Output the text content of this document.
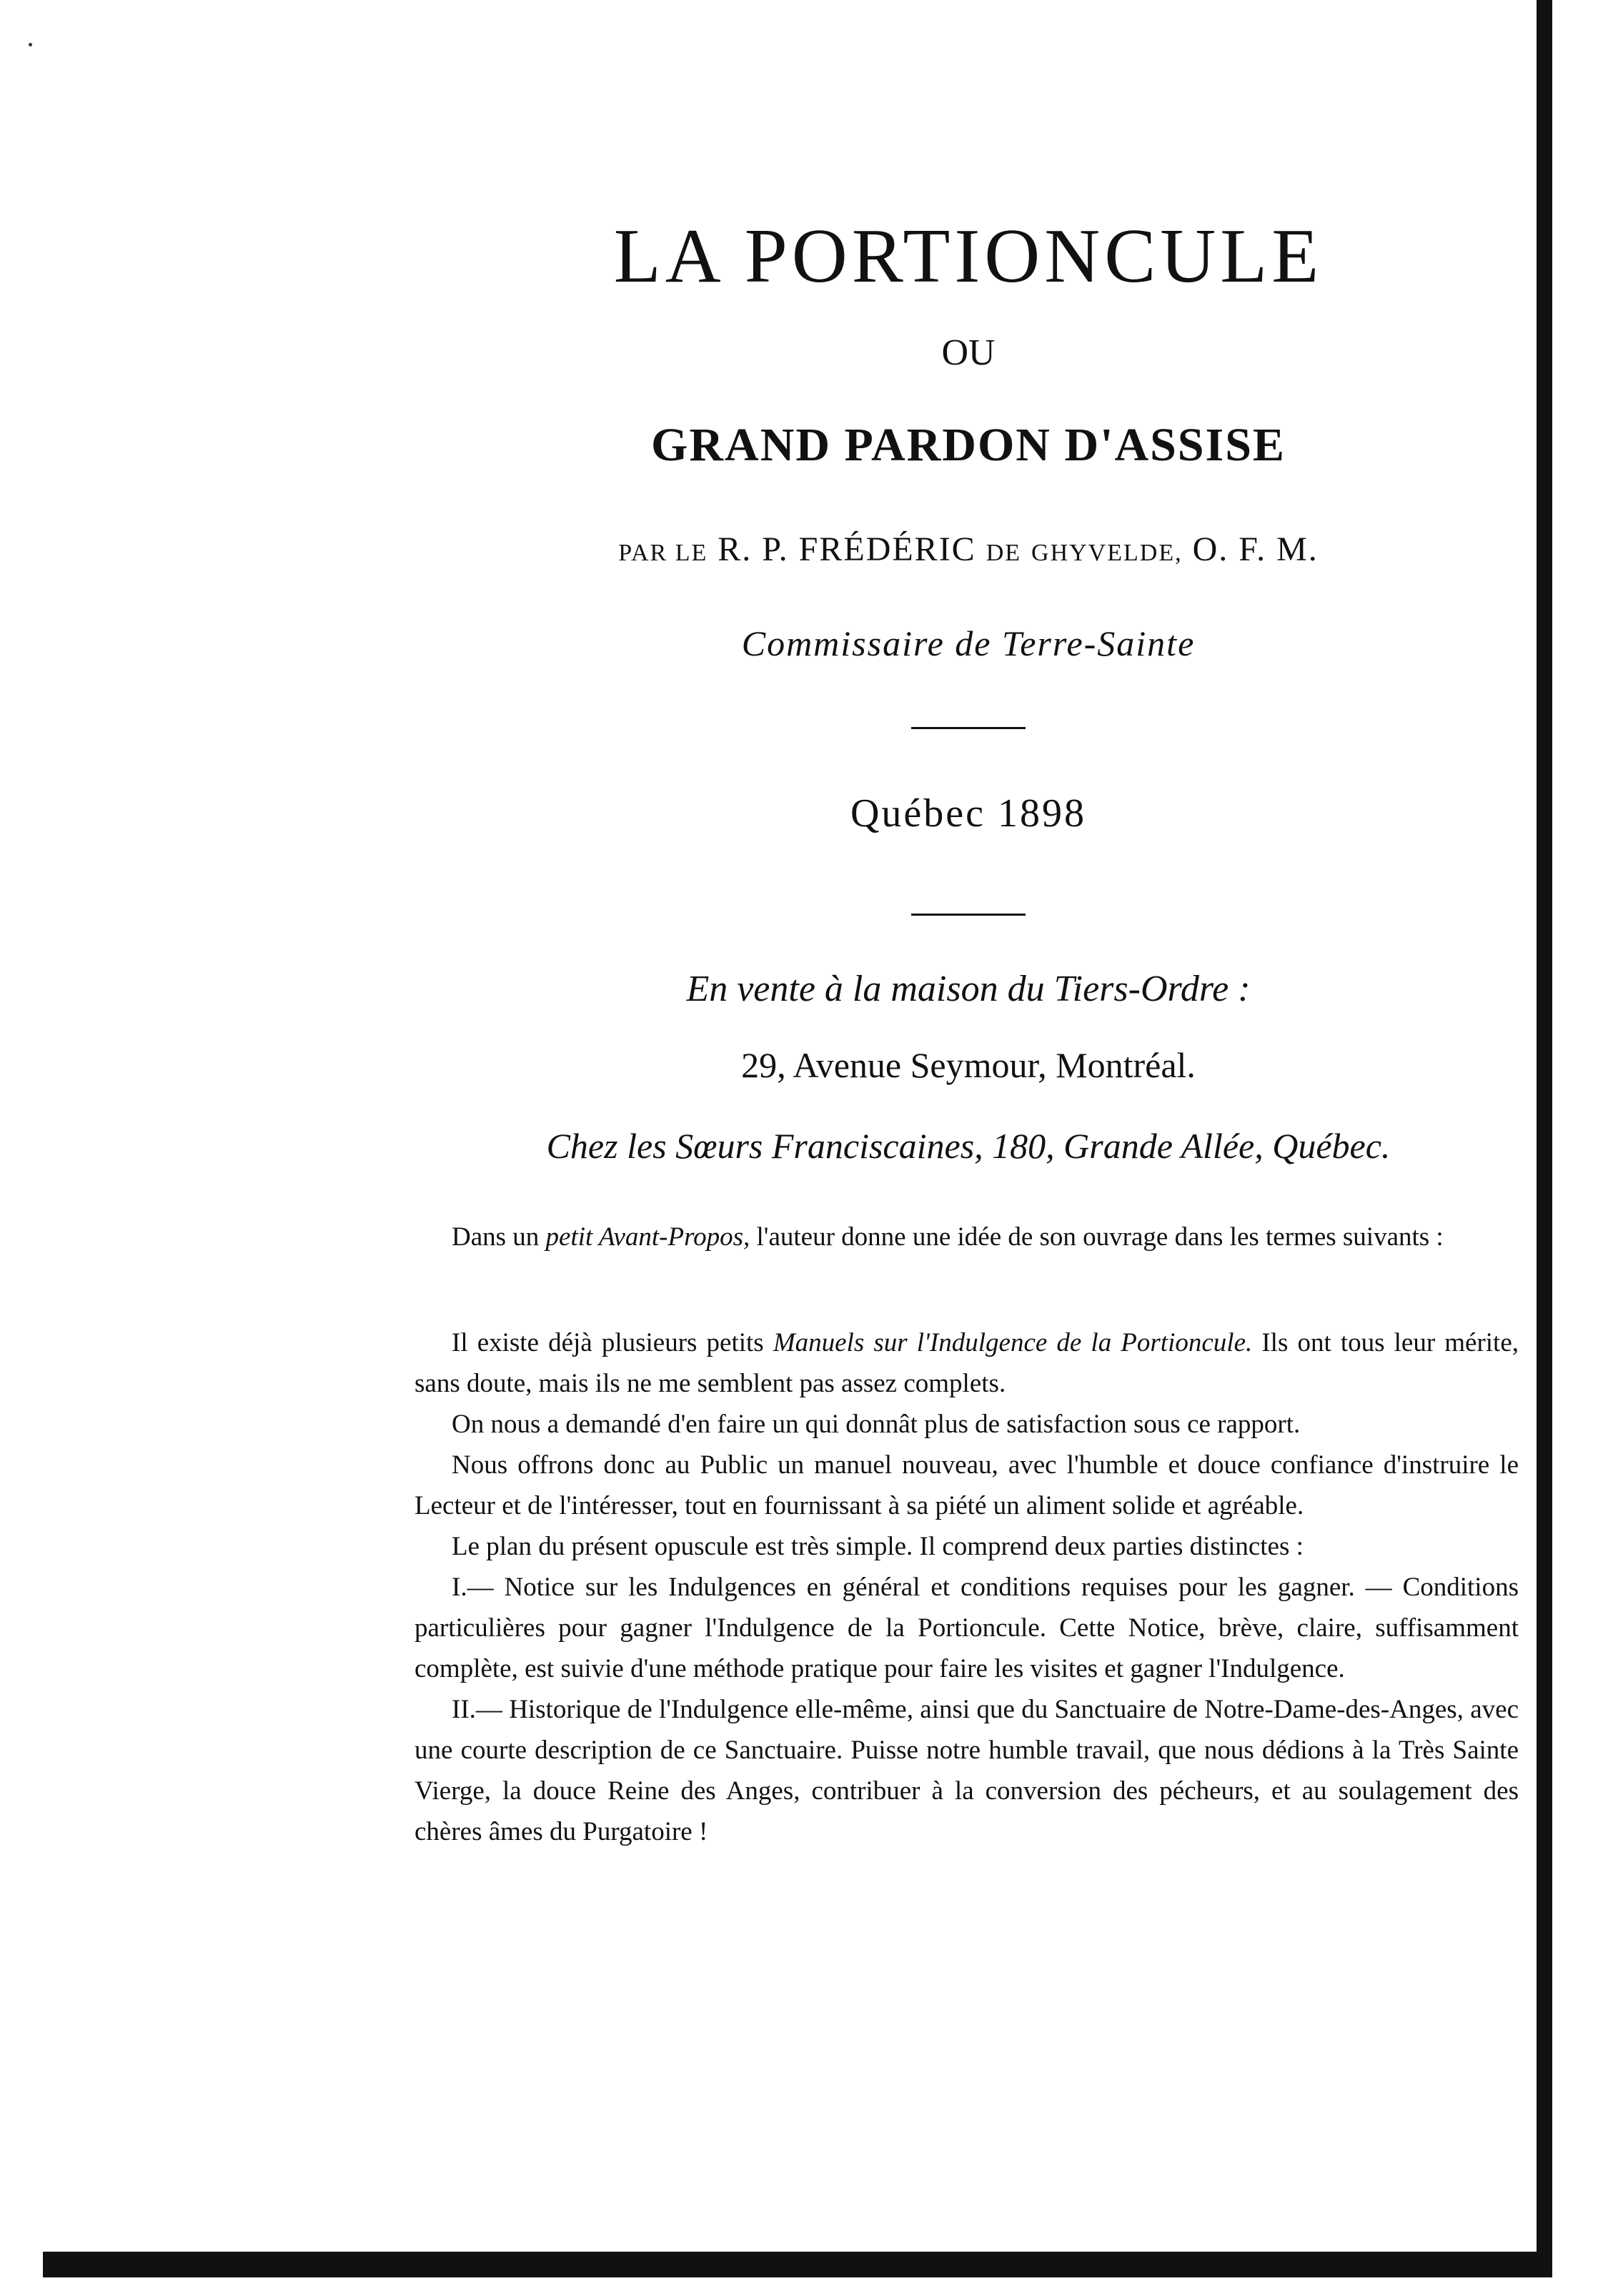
LA PORTIONCULE
OU
GRAND PARDON D'ASSISE
PAR LE R. P. FRÉDÉRIC DE GHYVELDE, O. F. M.
Commissaire de Terre-Sainte
Québec 1898
En vente à la maison du Tiers-Ordre :
29, Avenue Seymour, Montréal.
Chez les Sœurs Franciscaines, 180, Grande Allée, Québec.

Dans un petit Avant-Propos, l'auteur donne une idée de son ouvrage dans les termes suivants :

Il existe déjà plusieurs petits Manuels sur l'Indulgence de la Portioncule. Ils ont tous leur mérite, sans doute, mais ils ne me semblent pas assez complets.

On nous a demandé d'en faire un qui donnât plus de satisfaction sous ce rapport.

Nous offrons donc au Public un manuel nouveau, avec l'humble et douce confiance d'instruire le Lecteur et de l'intéresser, tout en fournissant à sa piété un aliment solide et agréable.

Le plan du présent opuscule est très simple. Il comprend deux parties distinctes :

I.— Notice sur les Indulgences en général et conditions requises pour les gagner. — Conditions particulières pour gagner l'Indulgence de la Portioncule. Cette Notice, brève, claire, suffisamment complète, est suivie d'une méthode pratique pour faire les visites et gagner l'Indulgence.

II.— Historique de l'Indulgence elle-même, ainsi que du Sanctuaire de Notre-Dame-des-Anges, avec une courte description de ce Sanctuaire. Puisse notre humble travail, que nous dédions à la Très Sainte Vierge, la douce Reine des Anges, contribuer à la conversion des pécheurs, et au soulagement des chères âmes du Purgatoire !
